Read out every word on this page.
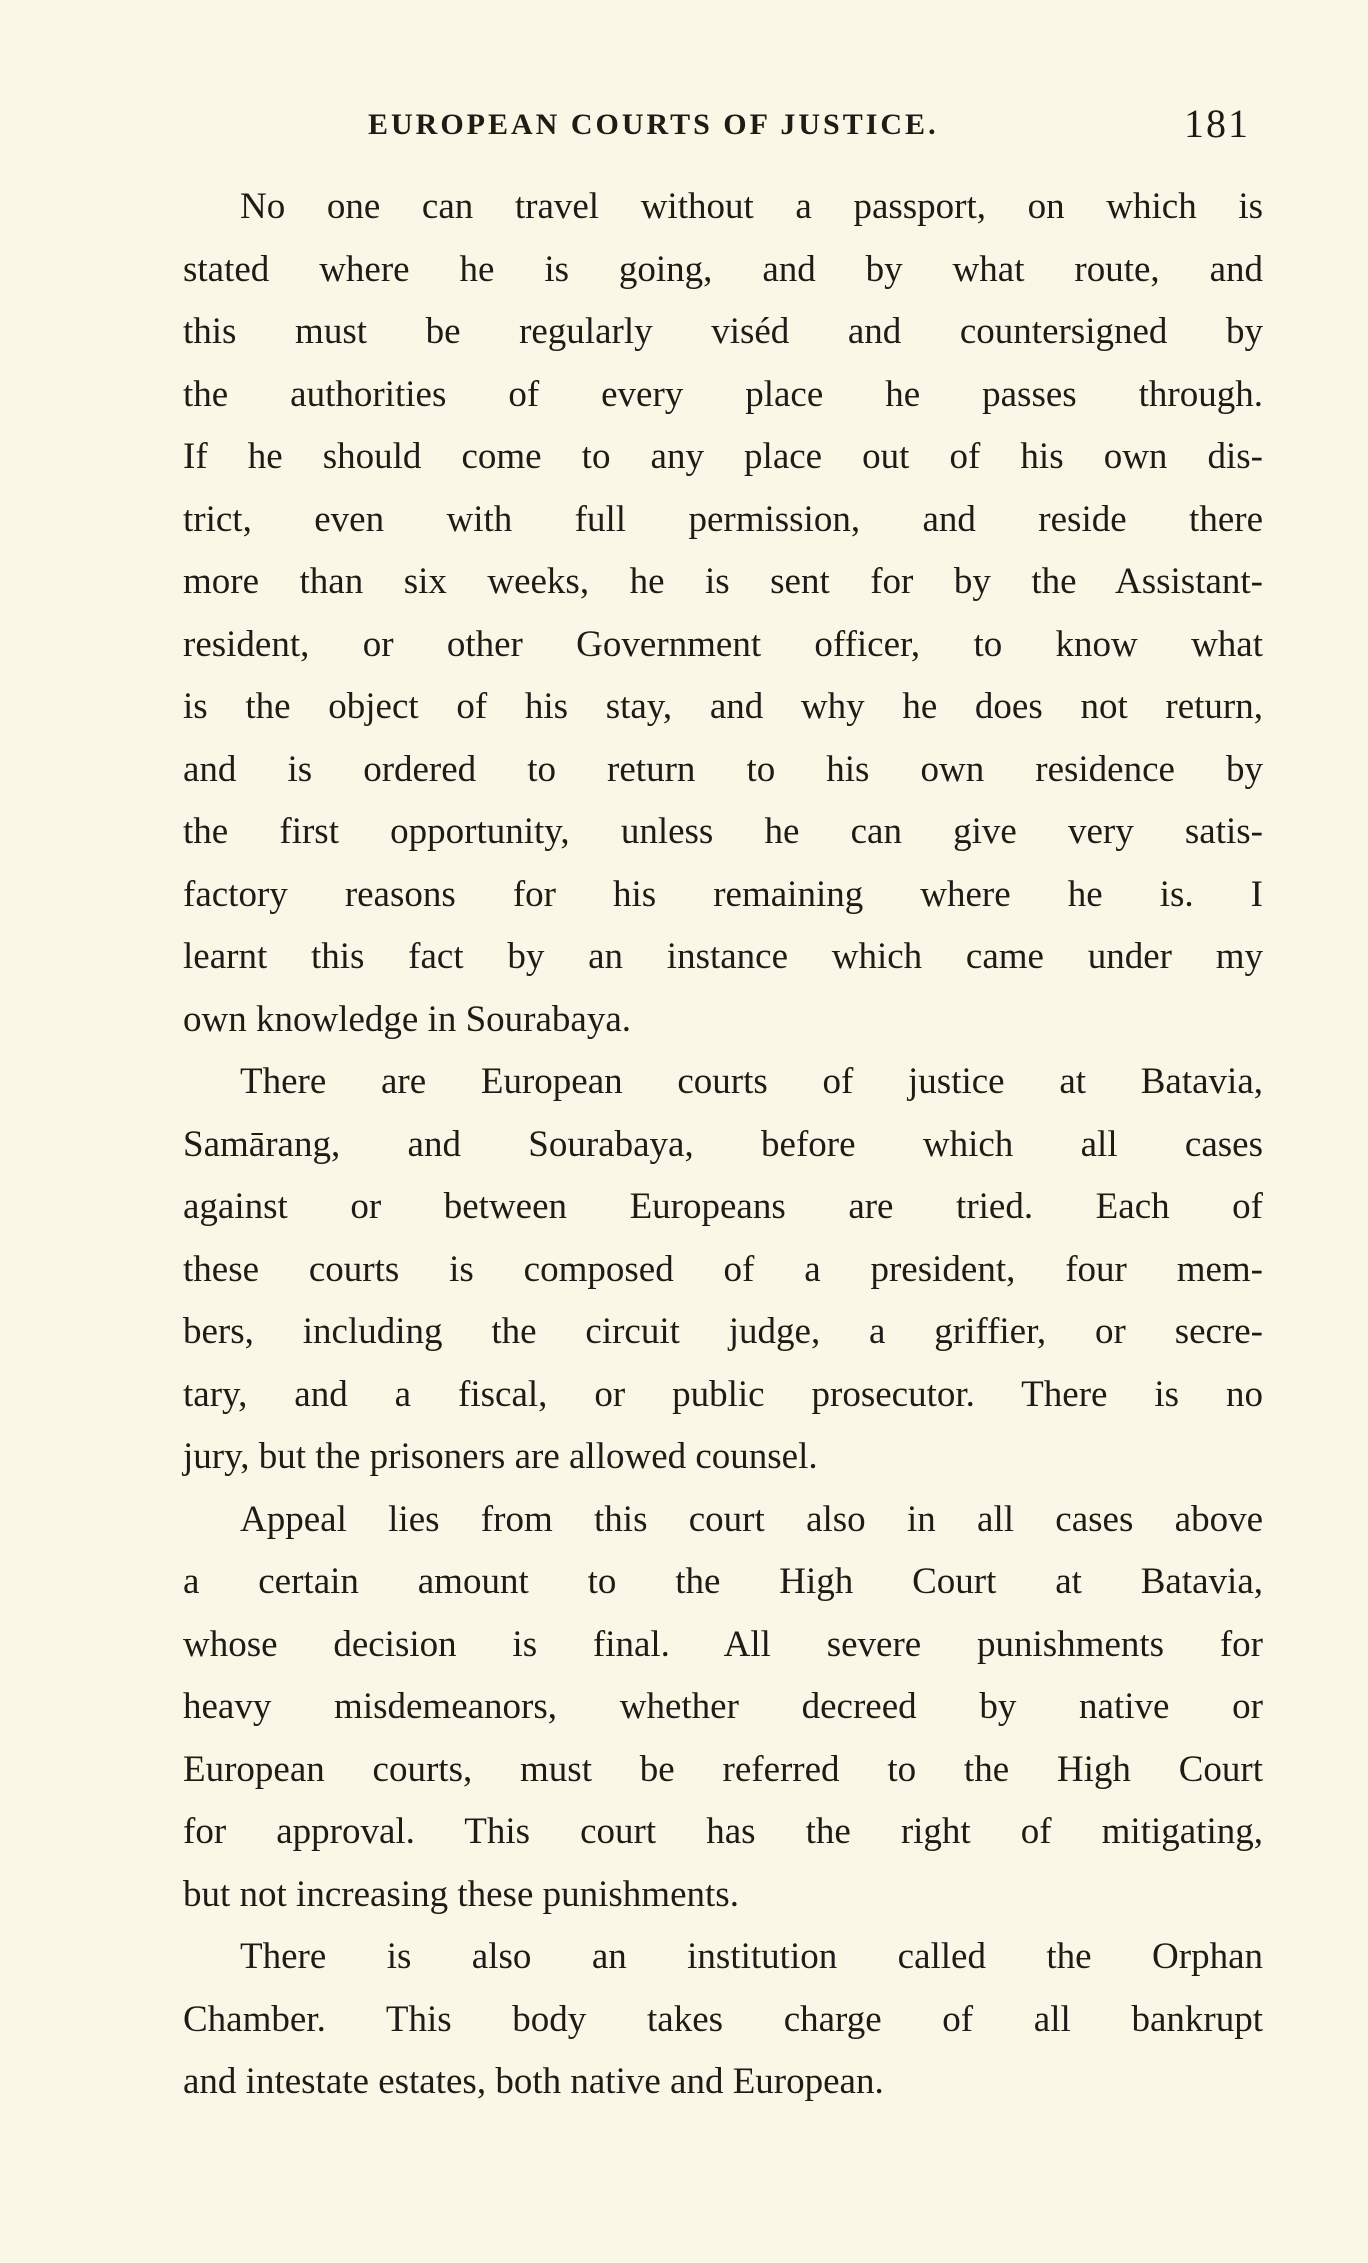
EUROPEAN COURTS OF JUSTICE.	181
No one can travel without a passport, on which is
stated where he is going, and by what route, and
this must be regularly viséd and countersigned by
the authorities of every place he passes through.
If he should come to any place out of his own dis-
trict, even with full permission, and reside there
more than six weeks, he is sent for by the Assistant-
resident, or other Government officer, to know what
is the object of his stay, and why he does not return,
and is ordered to return to his own residence by
the first opportunity, unless he can give very satis-
factory reasons for his remaining where he is. I
learnt this fact by an instance which came under my
own knowledge in Sourabaya.
There are European courts of justice at Batavia,
Samārang, and Sourabaya, before which all cases
against or between Europeans are tried. Each of
these courts is composed of a president, four mem-
bers, including the circuit judge, a griffier, or secre-
tary, and a fiscal, or public prosecutor. There is no
jury, but the prisoners are allowed counsel.
Appeal lies from this court also in all cases above
a certain amount to the High Court at Batavia,
whose decision is final. All severe punishments for
heavy misdemeanors, whether decreed by native or
European courts, must be referred to the High Court
for approval. This court has the right of mitigating,
but not increasing these punishments.
There is also an institution called the Orphan
Chamber. This body takes charge of all bankrupt
and intestate estates, both native and European.
